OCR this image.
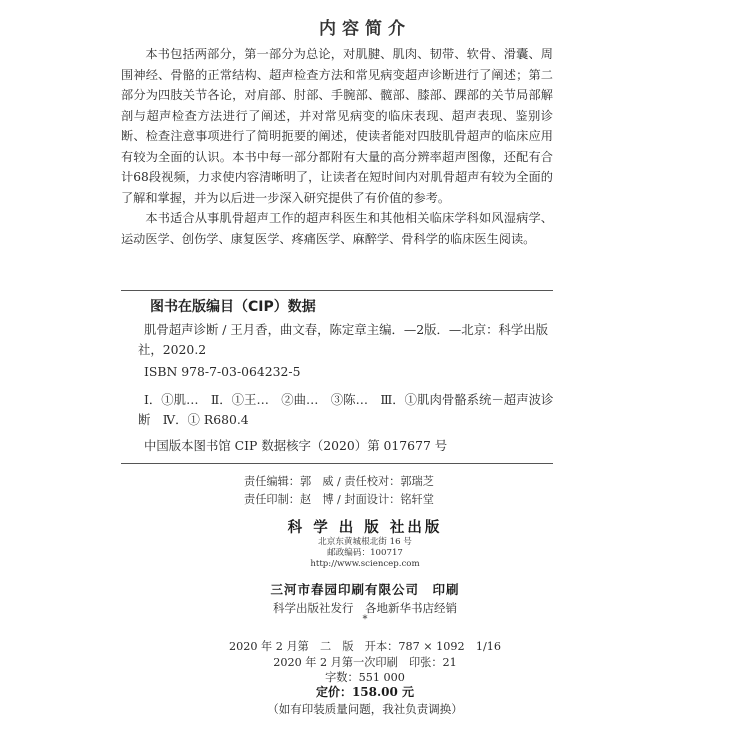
内容简介

本书包括两部分，第一部分为总论，对肌腱、肌肉、韧带、软骨、滑囊、周围神经、骨骼的正常结构、超声检查方法和常见病变超声诊断进行了阐述；第二部分为四肢关节各论，对肩部、肘部、手腕部、髋部、膝部、踝部的关节局部解剖与超声检查方法进行了阐述，并对常见病变的临床表现、超声表现、鉴别诊断、检查注意事项进行了简明扼要的阐述，使读者能对四肢肌骨超声的临床应用有较为全面的认识。本书中每一部分都附有大量的高分辨率超声图像，还配有合计68段视频，力求使内容清晰明了，让读者在短时间内对肌骨超声有较为全面的了解和掌握，并为以后进一步深入研究提供了有价值的参考。

本书适合从事肌骨超声工作的超声科医生和其他相关临床学科如风湿病学、运动医学、创伤学、康复医学、疼痛医学、麻醉学、骨科学的临床医生阅读。

图书在版编目（CIP）数据
肌骨超声诊断 / 王月香，曲文春，陈定章主编．—2版．—北京：科学出版
社，2020.2
ISBN 978-7-03-064232-5
Ⅰ．①肌…　Ⅱ．①王…　②曲…　③陈…　Ⅲ．①肌肉骨骼系统－超声波诊
断　Ⅳ．① R680.4
中国版本图书馆 CIP 数据核字（2020）第 017677 号
责任编辑：郭　威 / 责任校对：郭瑞芝
责任印制：赵　博 / 封面设计：铭轩堂
科 学 出 版 社出版
北京东黄城根北街 16 号
邮政编码：100717
http://www.sciencep.com
三河市春园印刷有限公司　印刷
科学出版社发行　各地新华书店经销
*
2020 年 2 月第　二　版　开本：787 × 1092　1/16
2020 年 2 月第一次印刷　印张：21
字数：551 000
定价：158.00 元
（如有印装质量问题，我社负责调换）
